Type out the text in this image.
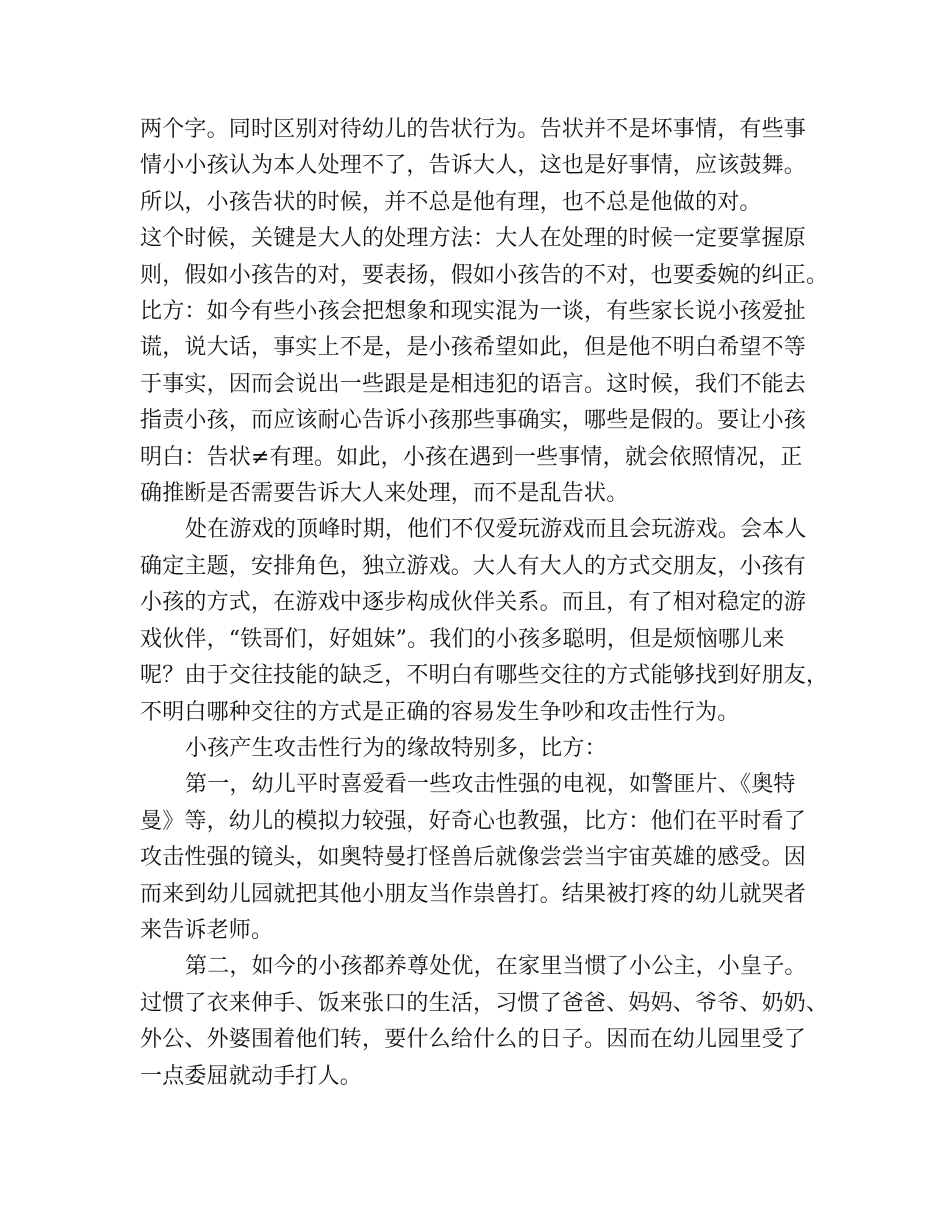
两个字。同时区别对待幼儿的告状行为。告状并不是坏事情，有些事
情小小孩认为本人处理不了，告诉大人，这也是好事情，应该鼓舞。
所以，小孩告状的时候，并不总是他有理，也不总是他做的对。
这个时候，关键是大人的处理方法：大人在处理的时候一定要掌握原
则，假如小孩告的对，要表扬，假如小孩告的不对，也要委婉的纠正。
比方：如今有些小孩会把想象和现实混为一谈，有些家长说小孩爱扯
谎，说大话，事实上不是，是小孩希望如此，但是他不明白希望不等
于事实，因而会说出一些跟是是相违犯的语言。这时候，我们不能去
指责小孩，而应该耐心告诉小孩那些事确实，哪些是假的。要让小孩
明白：告状≠有理。如此，小孩在遇到一些事情，就会依照情况，正
确推断是否需要告诉大人来处理，而不是乱告状。
处在游戏的顶峰时期，他们不仅爱玩游戏而且会玩游戏。会本人
确定主题，安排角色，独立游戏。大人有大人的方式交朋友，小孩有
小孩的方式，在游戏中逐步构成伙伴关系。而且，有了相对稳定的游
戏伙伴，“铁哥们，好姐妹”。我们的小孩多聪明，但是烦恼哪儿来
呢？由于交往技能的缺乏，不明白有哪些交往的方式能够找到好朋友，
不明白哪种交往的方式是正确的容易发生争吵和攻击性行为。
小孩产生攻击性行为的缘故特别多，比方：
第一，幼儿平时喜爱看一些攻击性强的电视，如警匪片、《奥特
曼》等，幼儿的模拟力较强，好奇心也教强，比方：他们在平时看了
攻击性强的镜头，如奥特曼打怪兽后就像尝尝当宇宙英雄的感受。因
而来到幼儿园就把其他小朋友当作祟兽打。结果被打疼的幼儿就哭者
来告诉老师。
第二，如今的小孩都养尊处优，在家里当惯了小公主，小皇子。
过惯了衣来伸手、饭来张口的生活，习惯了爸爸、妈妈、爷爷、奶奶、
外公、外婆围着他们转，要什么给什么的日子。因而在幼儿园里受了
一点委屈就动手打人。
